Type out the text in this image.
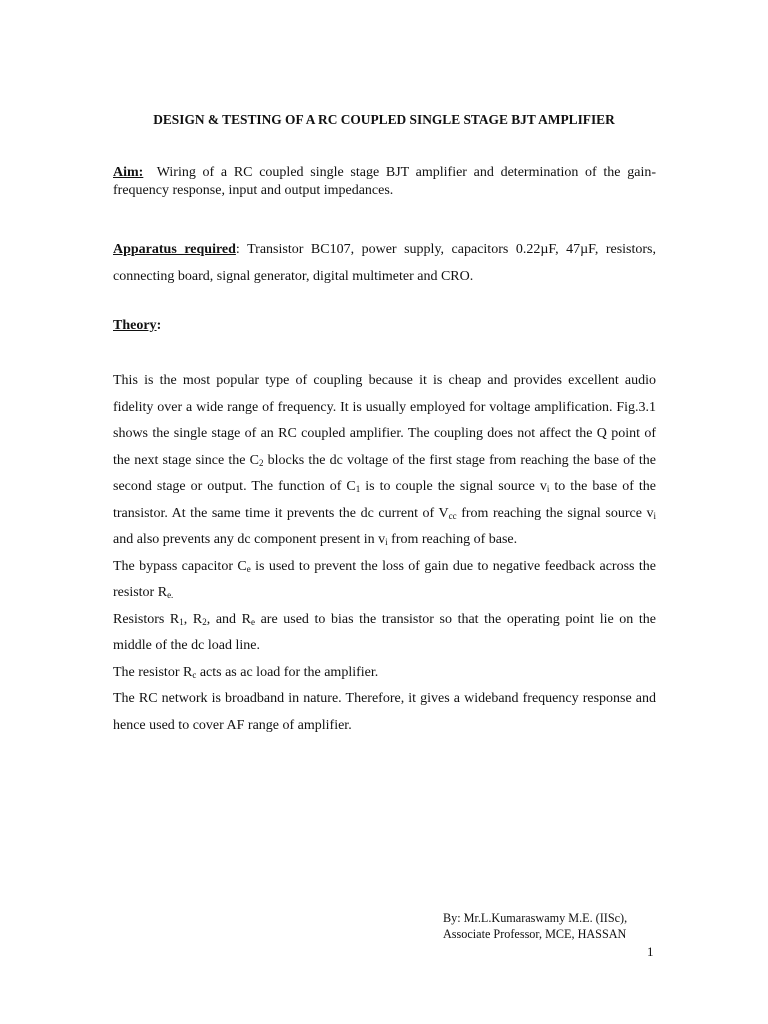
DESIGN & TESTING OF A RC COUPLED SINGLE STAGE BJT AMPLIFIER
Aim: Wiring of a RC coupled single stage BJT amplifier and determination of the gain-frequency response, input and output impedances.
Apparatus required: Transistor BC107, power supply, capacitors 0.22µF, 47µF, resistors, connecting board, signal generator, digital multimeter and CRO.
Theory:

This is the most popular type of coupling because it is cheap and provides excellent audio fidelity over a wide range of frequency. It is usually employed for voltage amplification. Fig.3.1 shows the single stage of an RC coupled amplifier. The coupling does not affect the Q point of the next stage since the $C_2$ blocks the dc voltage of the first stage from reaching the base of the second stage or output. The function of $C_1$ is to couple the signal source $v_i$ to the base of the transistor. At the same time it prevents the dc current of $V_{cc}$ from reaching the signal source $v_i$ and also prevents any dc component present in $v_i$ from reaching of base.

The bypass capacitor $C_e$ is used to prevent the loss of gain due to negative feedback across the resistor $R_{e.}$

Resistors $R_1$, $R_2$, and $R_e$ are used to bias the transistor so that the operating point lie on the middle of the dc load line.

The resistor $R_c$ acts as ac load for the amplifier.

The RC network is broadband in nature. Therefore, it gives a wideband frequency response and hence used to cover AF range of amplifier.

By: Mr.L.Kumaraswamy M.E. (IISc),
Associate Professor, MCE, HASSAN
1
